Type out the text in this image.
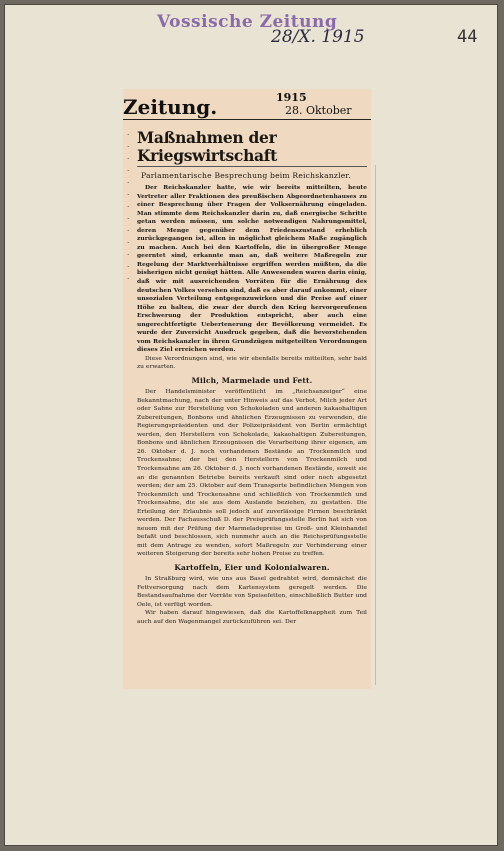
Vossische Zeitung
28/X. 1915	44
Zeitung.	1915
28. Oktober
·
·
·
·
·
·
·
·
·
·
·
·
·
Maßnahmen der Kriegswirtschaft
Parlamentarische Besprechung beim Reichskanzler.

Der Reichskanzler hatte, wie wir bereits mitteilten, heute Vertreter aller Fraktionen des preußischen Abgeordnetenhauses zu einer Besprechung über Fragen der Volksernährung eingeladen. Man stimmte dem Reichskanzler darin zu, daß energische Schritte getan werden müssen, um solche notwendigen Nahrungsmittel, deren Menge gegenüber dem Friedenszustand erheblich zurückgegangen ist, allen in möglichst gleichem Maße zugänglich zu machen. Auch bei den Kartoffeln, die in übergroßer Menge geerntet sind, erkannte man an, daß weitere Maßregeln zur Regelung der Marktverhältnisse ergriffen werden müßten, da die bisherigen nicht genügt hätten. Alle Anwesenden waren darin einig, daß wir mit ausreichenden Vorräten für die Ernährung des deutschen Volkes versehen sind, daß es aber darauf ankommt, einer unsozialen Verteilung entgegenzuwirken und die Preise auf einer Höhe zu halten, die zwar der durch den Krieg hervorgerufenen Erschwerung der Produktion entspricht, aber auch eine ungerechtfertigte Uebertenerung der Bevölkerung vermeidet. Es wurde der Zuversicht Ausdruck gegeben, daß die bevorstehenden vom Reichskanzler in ihren Grundzügen mitgeteilten Verordnungen dieses Ziel erreichen werden.

Diese Verordnungen sind, wie wir ebenfalls bereits mitteilten, sehr bald zu erwarten.

Milch, Marmelade und Fett.

Der Handelsminister veröffentlicht im „Reichsanzeiger“ eine Bekanntmachung, nach der unter Hinweis auf das Verbot, Milch jeder Art oder Sahne zur Herstellung von Schokoladen und anderen kakaohaltigen Zubereitungen, Bonbons und ähnlichen Erzeugnissen zu verwenden, die Regierungspräsidenten und der Polizeipräsident von Berlin ermächtigt werden, den Herstellern von Schokolade, kakaohaltigen Zubereitungen, Bonbons und ähnlichen Erzeugnissen die Verarbeitung ihrer eigenen, am 26. Oktober d. J. noch vorhandenen Bestände an Trockenmilch und Trockensahne; der bei den Herstellern von Trockenmilch und Trockensahne am 26. Oktober d. J. noch vorhandenen Bestände, soweit sie an die genannten Betriebe bereits verkauft sind oder noch abgesetzt werden; der am 25. Oktober auf dem Transporte befindlichen Mengen von Trockenmilch und Trockensahne und schließlich von Trockenmilch und Trockensahne, die sie aus dem Auslande beziehen, zu gestatten. Die Erteilung der Erlaubnis soll jedoch auf zuverlässige Firmen beschränkt werden. Der Fachausschuß D. der Preisprüfungsstelle Berlin hat sich von neuem mit der Prüfung der Marmeladepreise im Groß- und Kleinhandel befaßt und beschlossen, sich nunmehr auch an die Reichsprüfungsstelle mit dem Antrage zu wenden, sofort Maßregeln zur Verhinderung einer weiteren Steigerung der bereits sehr hohen Preise zu treffen.

Kartoffeln, Eier und Kolonialwaren.

In Straßburg wird, wie uns aus Basel gedrahtet wird, demnächst die Fettversorgung nach dem Kartensystem geregelt werden. Die Bestandsaufnahme der Vorräte von Speisefetten, einschließlich Butter und Oele, ist verfügt worden.

Wir haben darauf hingewiesen, daß die Kartoffelknappheit zum Teil auch auf den Wagenmangel zurückzuführen sei. Der
